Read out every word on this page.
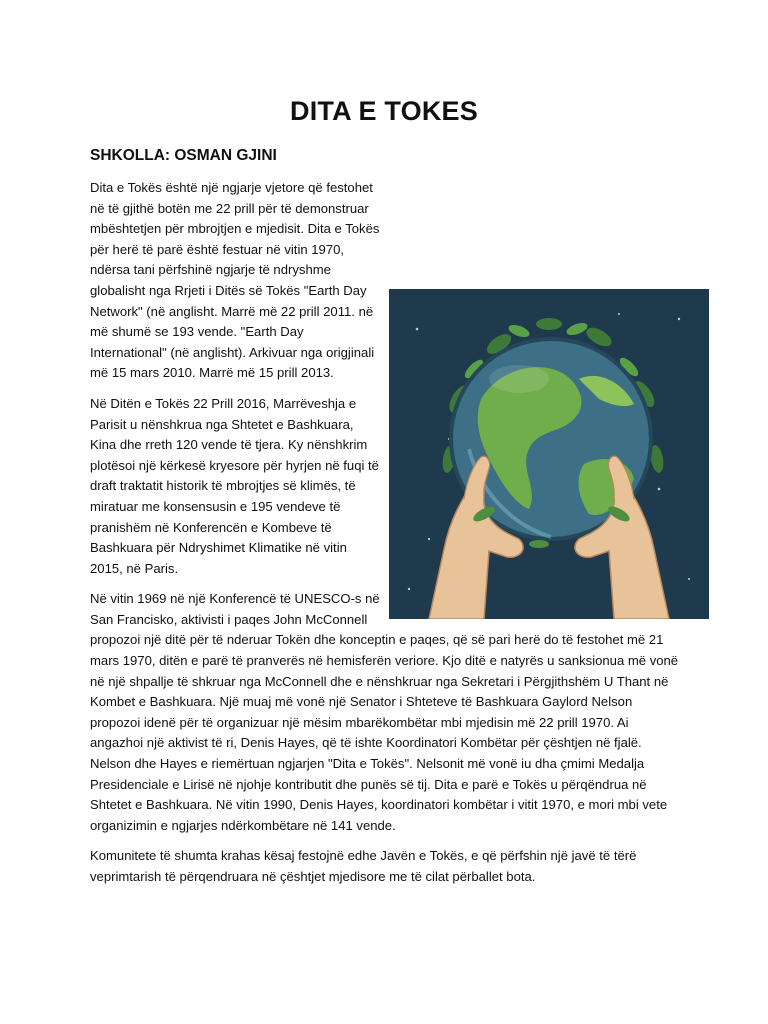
DITA E TOKES

SHKOLLA: OSMAN GJINI

Dita e Tokës është një ngjarje vjetore që festohet në të gjithë botën me 22 prill për të demonstruar mbështetjen për mbrojtjen e mjedisit. Dita e Tokës për herë të parë është festuar në vitin 1970, ndërsa tani përfshinë ngjarje të ndryshme globalisht nga Rrjeti i Ditës së Tokës "Earth Day Network" (në anglisht. Marrë më 22 prill 2011. në më shumë se 193 vende. "Earth Day International" (në anglisht). Arkivuar nga origjinali më 15 mars 2010. Marrë më 15 prill 2013.

Në Ditën e Tokës 22 Prill 2016, Marrëveshja e Parisit u nënshkrua nga Shtetet e Bashkuara, Kina dhe rreth 120 vende të tjera. Ky nënshkrim plotësoi një kërkesë kryesore për hyrjen në fuqi të draft traktatit historik të mbrojtjes së klimës, të miratuar me konsensusin e 195 vendeve të pranishëm në Konferencën e Kombeve të Bashkuara për Ndryshimet Klimatike në vitin 2015, në Paris.

Në vitin 1969 në një Konferencë të UNESCO-s në San Francisko, aktivisti i paqes John McConnell propozoi një ditë për të nderuar Tokën dhe konceptin e paqes, që së pari herë do të festohet më 21 mars 1970, ditën e parë të pranverës në hemisferën veriore. Kjo ditë e natyrës u sanksionua më vonë në një shpallje të shkruar nga McConnell dhe e nënshkruar nga Sekretari i Përgjithshëm U Thant në Kombet e Bashkuara. Një muaj më vonë një Senator i Shteteve të Bashkuara Gaylord Nelson propozoi idenë për të organizuar një mësim mbarëkombëtar mbi mjedisin më 22 prill 1970. Ai angazhoi një aktivist të ri, Denis Hayes, që të ishte Koordinatori Kombëtar për çështjen në fjalë. Nelson dhe Hayes e riemërtuan ngjarjen "Dita e Tokës". Nelsonit më vonë iu dha çmimi Medalja Presidenciale e Lirisë në njohje kontributit dhe punës së tij. Dita e parë e Tokës u përqëndrua në Shtetet e Bashkuara. Në vitin 1990, Denis Hayes, koordinatori kombëtar i vitit 1970, e mori mbi vete organizimin e ngjarjes ndërkombëtare në 141 vende.

Komunitete të shumta krahas kësaj festojnë edhe Javën e Tokës, e që përfshin një javë të tërë veprimtarish të përqendruara në çështjet mjedisore me të cilat përballet bota.
